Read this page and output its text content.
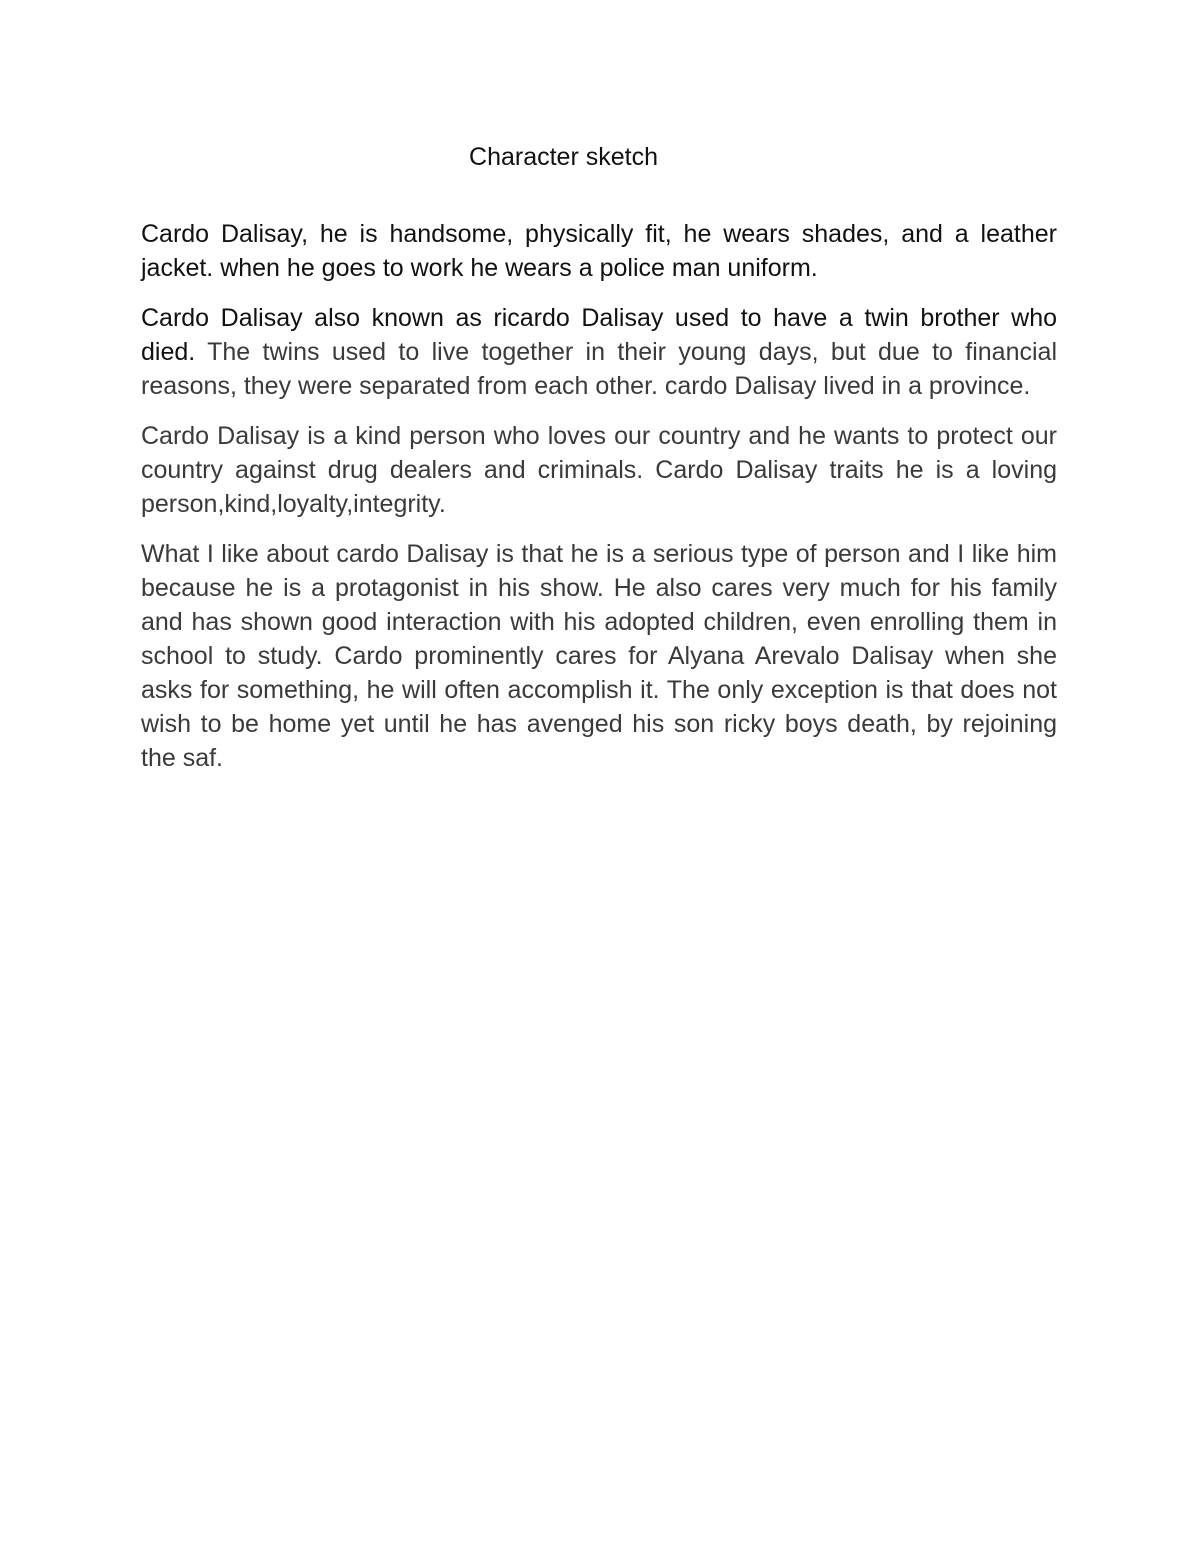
Character sketch

Cardo Dalisay, he is handsome, physically fit, he wears shades, and a leather jacket. when he goes to work he wears a police man uniform.

Cardo Dalisay also known as ricardo Dalisay used to have a twin brother who died. The twins used to live together in their young days, but due to financial reasons, they were separated from each other. cardo Dalisay lived in a province.

Cardo Dalisay is a kind person who loves our country and he wants to protect our country against drug dealers and criminals. Cardo Dalisay traits he is a loving person,kind,loyalty,integrity.

What I like about cardo Dalisay is that he is a serious type of person and I like him because he is a protagonist in his show. He also cares very much for his family and has shown good interaction with his adopted children, even enrolling them in school to study. Cardo prominently cares for Alyana Arevalo Dalisay when she asks for something, he will often accomplish it. The only exception is that does not wish to be home yet until he has avenged his son ricky boys death, by rejoining the saf.
